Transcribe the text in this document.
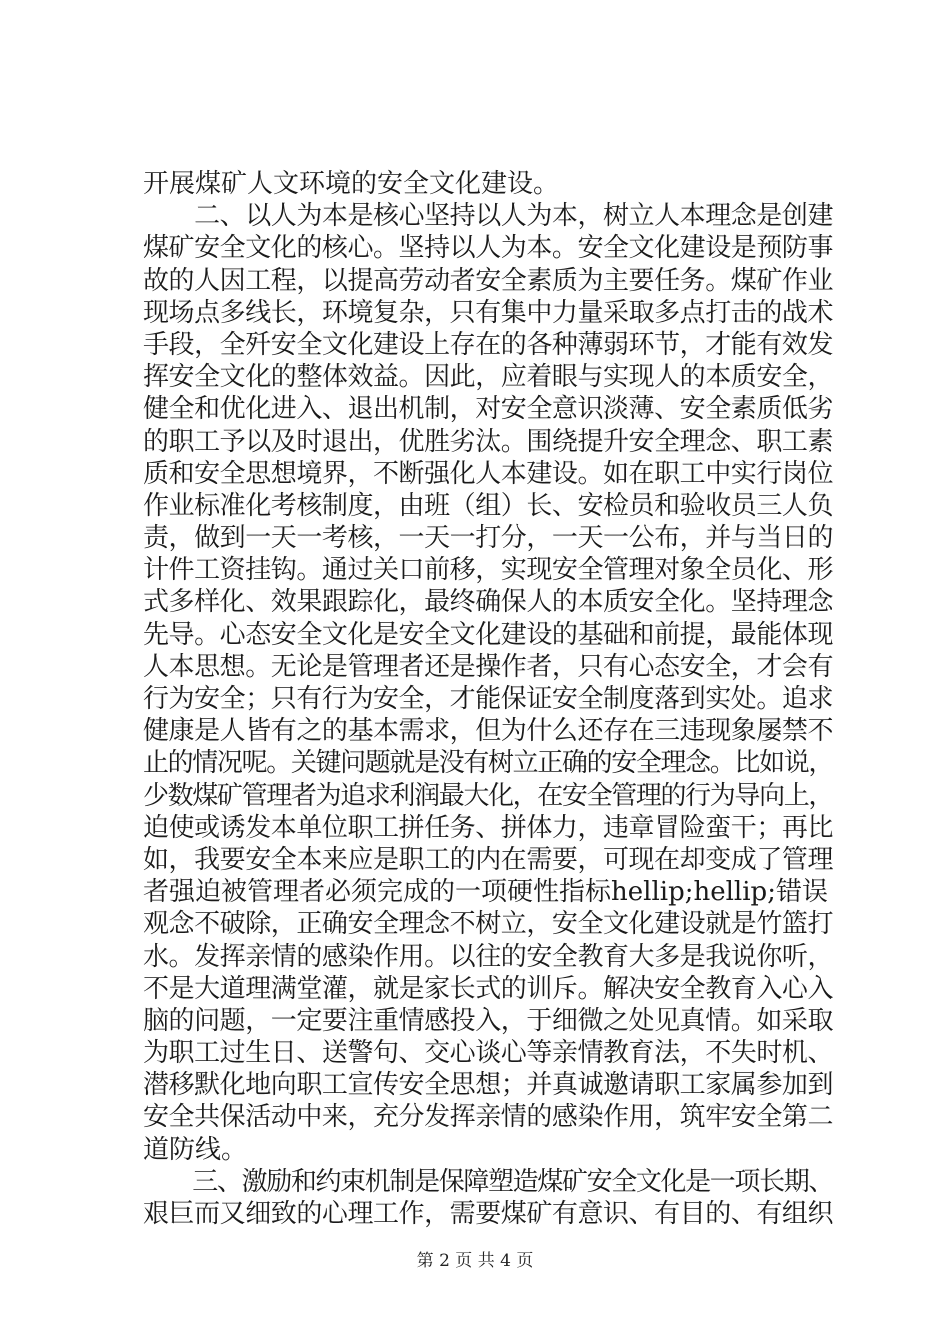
开展煤矿人文环境的安全文化建设。
　　二、以人为本是核心坚持以人为本，树立人本理念是创建
煤矿安全文化的核心。坚持以人为本。安全文化建设是预防事
故的人因工程，以提高劳动者安全素质为主要任务。煤矿作业
现场点多线长，环境复杂，只有集中力量采取多点打击的战术
手段，全歼安全文化建设上存在的各种薄弱环节，才能有效发
挥安全文化的整体效益。因此，应着眼与实现人的本质安全，
健全和优化进入、退出机制，对安全意识淡薄、安全素质低劣
的职工予以及时退出，优胜劣汰。围绕提升安全理念、职工素
质和安全思想境界，不断强化人本建设。如在职工中实行岗位
作业标准化考核制度，由班（组）长、安检员和验收员三人负
责，做到一天一考核，一天一打分，一天一公布，并与当日的
计件工资挂钩。通过关口前移，实现安全管理对象全员化、形
式多样化、效果跟踪化，最终确保人的本质安全化。坚持理念
先导。心态安全文化是安全文化建设的基础和前提，最能体现
人本思想。无论是管理者还是操作者，只有心态安全，才会有
行为安全；只有行为安全，才能保证安全制度落到实处。追求
健康是人皆有之的基本需求，但为什么还存在三违现象屡禁不
止的情况呢。关键问题就是没有树立正确的安全理念。比如说，
少数煤矿管理者为追求利润最大化，在安全管理的行为导向上，
迫使或诱发本单位职工拼任务、拼体力，违章冒险蛮干；再比
如，我要安全本来应是职工的内在需要，可现在却变成了管理
者强迫被管理者必须完成的一项硬性指标hellip;hellip;错误
观念不破除，正确安全理念不树立，安全文化建设就是竹篮打
水。发挥亲情的感染作用。以往的安全教育大多是我说你听，
不是大道理满堂灌，就是家长式的训斥。解决安全教育入心入
脑的问题，一定要注重情感投入，于细微之处见真情。如采取
为职工过生日、送警句、交心谈心等亲情教育法，不失时机、
潜移默化地向职工宣传安全思想；并真诚邀请职工家属参加到
安全共保活动中来，充分发挥亲情的感染作用，筑牢安全第二
道防线。
　　三、激励和约束机制是保障塑造煤矿安全文化是一项长期、
艰巨而又细致的心理工作，需要煤矿有意识、有目的、有组织
第 2 页 共 4 页
